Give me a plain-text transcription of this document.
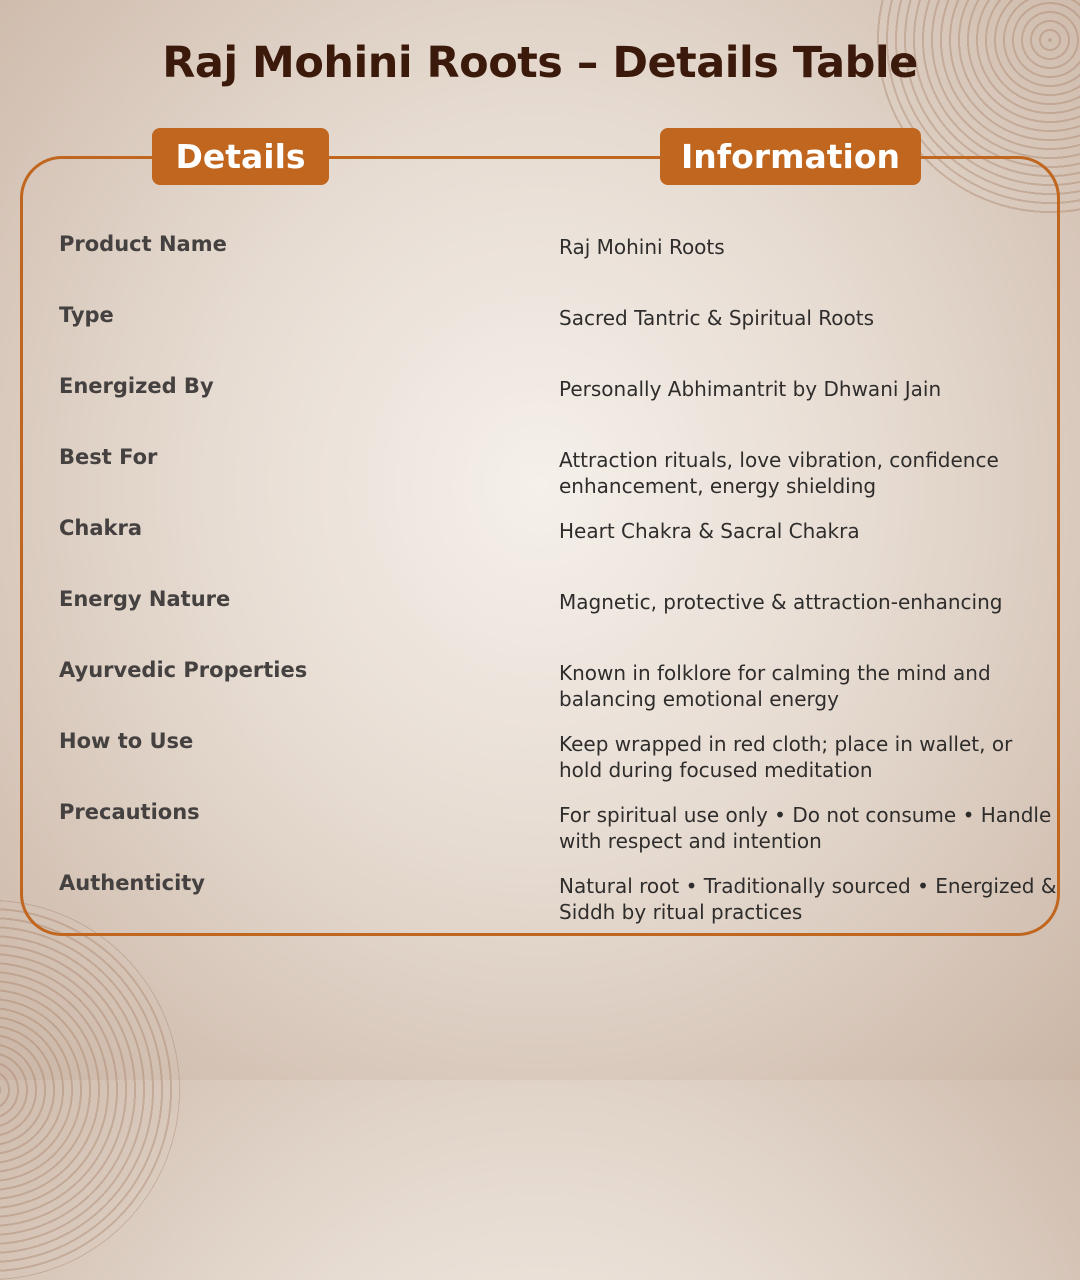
Raj Mohini Roots – Details Table
Details	Information
Product Name	Raj Mohini Roots
Type	Sacred Tantric & Spiritual Roots
Energized By	Personally Abhimantrit by Dhwani Jain
Best For	Attraction rituals, love vibration, confidence enhancement, energy shielding
Chakra	Heart Chakra & Sacral Chakra
Energy Nature	Magnetic, protective & attraction-enhancing
Ayurvedic Properties	Known in folklore for calming the mind and balancing emotional energy
How to Use	Keep wrapped in red cloth; place in wallet, or hold during focused meditation
Precautions	For spiritual use only • Do not consume • Handle with respect and intention
Authenticity	Natural root • Traditionally sourced • Energized & Siddh by ritual practices
